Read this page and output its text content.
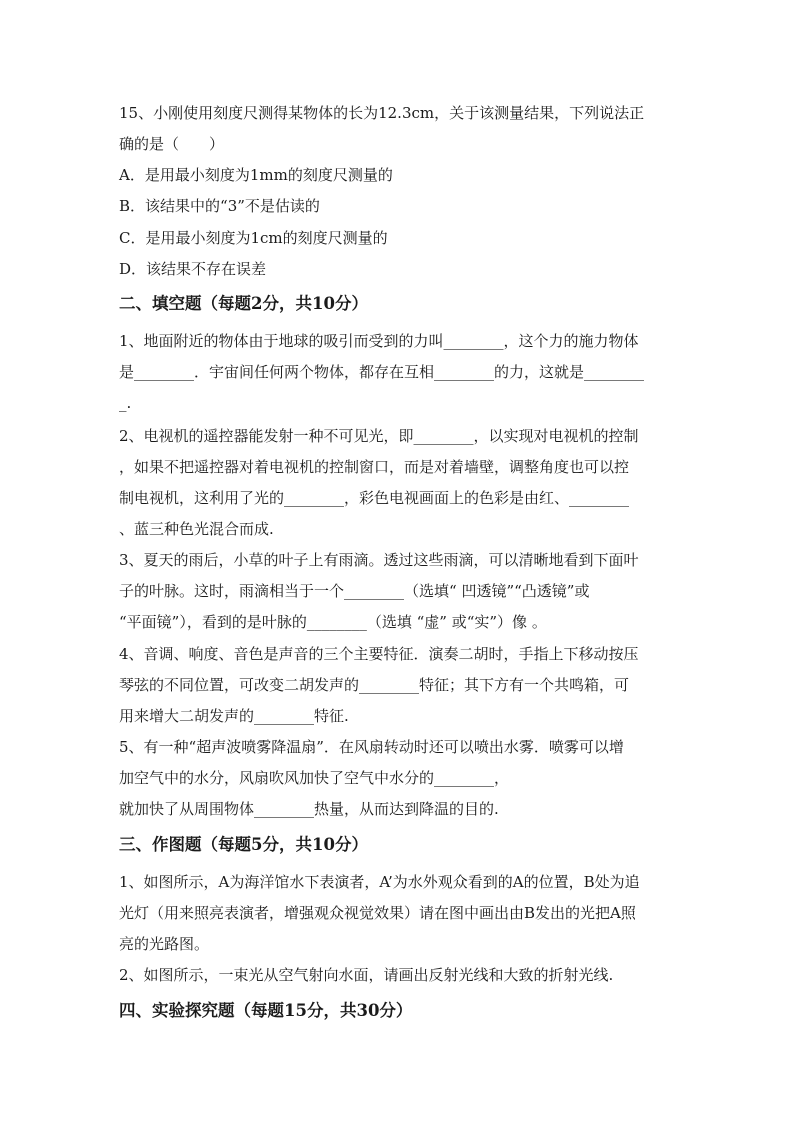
15、小刚使用刻度尺测得某物体的长为12.3cm，关于该测量结果，下列说法正
确的是（　　）
A．是用最小刻度为1mm的刻度尺测量的
B．该结果中的“3”不是估读的
C．是用最小刻度为1cm的刻度尺测量的
D．该结果不存在误差
二、填空题（每题2分，共10分）
1、地面附近的物体由于地球的吸引而受到的力叫________，这个力的施力物体
是________．宇宙间任何两个物体，都存在互相________的力，这就是________
_.
2、电视机的遥控器能发射一种不可见光，即________，以实现对电视机的控制
，如果不把遥控器对着电视机的控制窗口，而是对着墙壁，调整角度也可以控
制电视机，这利用了光的________，彩色电视画面上的色彩是由红、________
、蓝三种色光混合而成.
3、夏天的雨后，小草的叶子上有雨滴。透过这些雨滴，可以清晰地看到下面叶
子的叶脉。这时，雨滴相当于一个________（选填“ 凹透镜”“凸透镜”或
“平面镜”），看到的是叶脉的________（选填 “虚” 或“实”）像 。
4、音调、响度、音色是声音的三个主要特征．演奏二胡时，手指上下移动按压
琴弦的不同位置，可改变二胡发声的________特征；其下方有一个共鸣箱，可
用来增大二胡发声的________特征.
5、有一种“超声波喷雾降温扇”．在风扇转动时还可以喷出水雾．喷雾可以增
加空气中的水分，风扇吹风加快了空气中水分的________，
就加快了从周围物体________热量，从而达到降温的目的.
三、作图题（每题5分，共10分）
1、如图所示，A为海洋馆水下表演者，A’为水外观众看到的A的位置，B处为追
光灯（用来照亮表演者，增强观众视觉效果）请在图中画出由B发出的光把A照
亮的光路图。
2、如图所示，一束光从空气射向水面，请画出反射光线和大致的折射光线.
四、实验探究题（每题15分，共30分）
